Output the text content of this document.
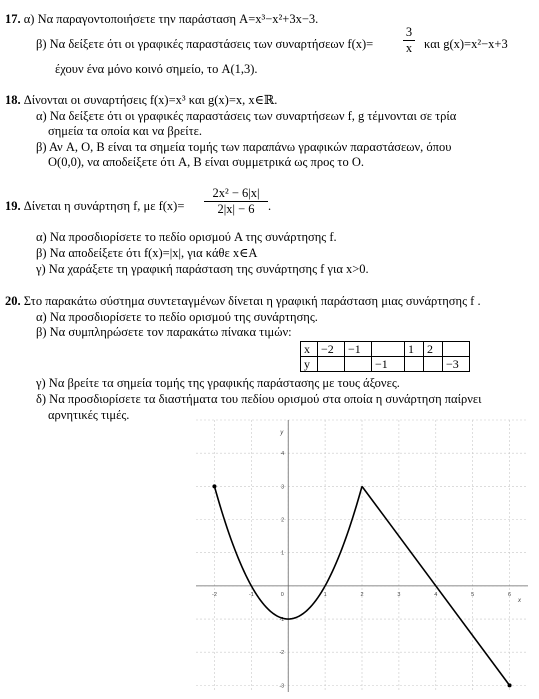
17. α) Να παραγοντοποιήσετε την παράσταση A=x³−x²+3x−3.
β) Να δείξετε ότι οι γραφικές παραστάσεις των συναρτήσεων f(x)=
3
x και g(x)=x²−x+3
έχουν ένα μόνο κοινό σημείο, το A(1,3).
18. Δίνονται οι συναρτήσεις f(x)=x³ και g(x)=x, x∈ℝ.
α) Να δείξετε ότι οι γραφικές παραστάσεις των συναρτήσεων f, g τέμνονται σε τρία
σημεία τα οποία και να βρείτε.
β) Αν A, O, B είναι τα σημεία τομής των παραπάνω γραφικών παραστάσεων, όπου
O(0,0), να αποδείξετε ότι A, B είναι συμμετρικά ως προς το O.
19. Δίνεται η συνάρτηση f, με f(x)=
2x² − 6|x|
2|x| − 6	.
α) Να προσδιορίσετε το πεδίο ορισμού A της συνάρτησης f.
β) Να αποδείξετε ότι f(x)=|x|, για κάθε x∈A
γ) Να χαράξετε τη γραφική παράσταση της συνάρτησης f για x>0.
20. Στο παρακάτω σύστημα συντεταγμένων δίνεται η γραφική παράσταση μιας συνάρτησης f .
α) Να προσδιορίσετε το πεδίο ορισμού της συνάρτησης.
β) Να συμπληρώσετε τον παρακάτω πίνακα τιμών:
x	−2	−1		1	2	
y			−1			−3
γ) Να βρείτε τα σημεία τομής της γραφικής παράστασης με τους άξονες.
δ) Να προσδιορίσετε τα διαστήματα του πεδίου ορισμού στα οποία η συνάρτηση παίρνει
αρνητικές τιμές.
-2	-1	0	1	2	3	4	5	6
-3
-2
-1
1
2
3
4
x
y
